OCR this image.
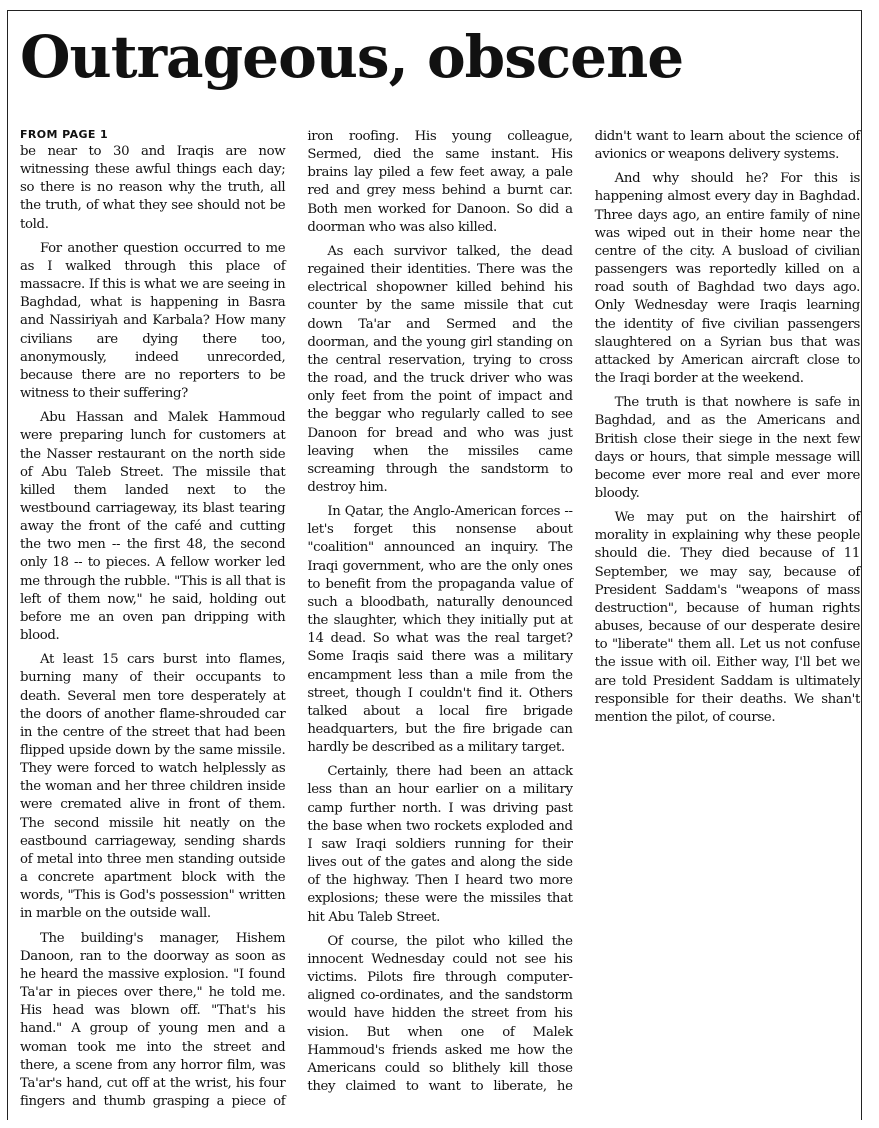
Outrageous, obscene
FROM PAGE 1

be near to 30 and Iraqis are now witnessing these awful things each day; so there is no reason why the truth, all the truth, of what they see should not be told.

For another question occurred to me as I walked through this place of massacre. If this is what we are seeing in Baghdad, what is happening in Basra and Nassiriyah and Karbala? How many civilians are dying there too, anonymously, indeed unrecorded, because there are no reporters to be witness to their suffering?

Abu Hassan and Malek Hammoud were preparing lunch for customers at the Nasser restaurant on the north side of Abu Taleb Street. The missile that killed them landed next to the westbound carriageway, its blast tearing away the front of the café and cutting the two men -- the first 48, the second only 18 -- to pieces. A fellow worker led me through the rubble. "This is all that is left of them now," he said, holding out before me an oven pan dripping with blood.

At least 15 cars burst into flames, burning many of their occupants to death. Several men tore desperately at the doors of another flame-shrouded car in the centre of the street that had been flipped upside down by the same missile. They were forced to watch helplessly as the woman and her three children inside were cremated alive in front of them. The second missile hit neatly on the eastbound carriageway, sending shards of metal into three men standing outside a concrete apartment block with the words, "This is God's possession" written in marble on the outside wall.

The building's manager, Hishem Danoon, ran to the doorway as soon as he heard the massive explosion. "I found Ta'ar in pieces over there," he told me. His head was blown off. "That's his hand." A group of young men and a woman took me into the street and there, a scene from any horror film, was Ta'ar's hand, cut off at the wrist, his four fingers and thumb grasping a piece of iron roofing. His young colleague, Sermed, died the same instant. His brains lay piled a few feet away, a pale red and grey mess behind a burnt car. Both men worked for Danoon. So did a doorman who was also killed.

As each survivor talked, the dead regained their identities. There was the electrical shopowner killed behind his counter by the same missile that cut down Ta'ar and Sermed and the doorman, and the young girl standing on the central reservation, trying to cross the road, and the truck driver who was only feet from the point of impact and the beggar who regularly called to see Danoon for bread and who was just leaving when the missiles came screaming through the sandstorm to destroy him.

In Qatar, the Anglo-American forces -- let's forget this nonsense about "coalition" announced an inquiry. The Iraqi government, who are the only ones to benefit from the propaganda value of such a bloodbath, naturally denounced the slaughter, which they initially put at 14 dead. So what was the real target? Some Iraqis said there was a military encampment less than a mile from the street, though I couldn't find it. Others talked about a local fire brigade headquarters, but the fire brigade can hardly be described as a military target.

Certainly, there had been an attack less than an hour earlier on a military camp further north. I was driving past the base when two rockets exploded and I saw Iraqi soldiers running for their lives out of the gates and along the side of the highway. Then I heard two more explosions; these were the missiles that hit Abu Taleb Street.

Of course, the pilot who killed the innocent Wednesday could not see his victims. Pilots fire through computer-aligned co-ordinates, and the sandstorm would have hidden the street from his vision. But when one of Malek Hammoud's friends asked me how the Americans could so blithely kill those they claimed to want to liberate, he didn't want to learn about the science of avionics or weapons delivery systems.

And why should he? For this is happening almost every day in Baghdad. Three days ago, an entire family of nine was wiped out in their home near the centre of the city. A busload of civilian passengers was reportedly killed on a road south of Baghdad two days ago. Only Wednesday were Iraqis learning the identity of five civilian passengers slaughtered on a Syrian bus that was attacked by American aircraft close to the Iraqi border at the weekend.

The truth is that nowhere is safe in Baghdad, and as the Americans and British close their siege in the next few days or hours, that simple message will become ever more real and ever more bloody.

We may put on the hairshirt of morality in explaining why these people should die. They died because of 11 September, we may say, because of President Saddam's "weapons of mass destruction", because of human rights abuses, because of our desperate desire to "liberate" them all. Let us not confuse the issue with oil. Either way, I'll bet we are told President Saddam is ultimately responsible for their deaths. We shan't mention the pilot, of course.
